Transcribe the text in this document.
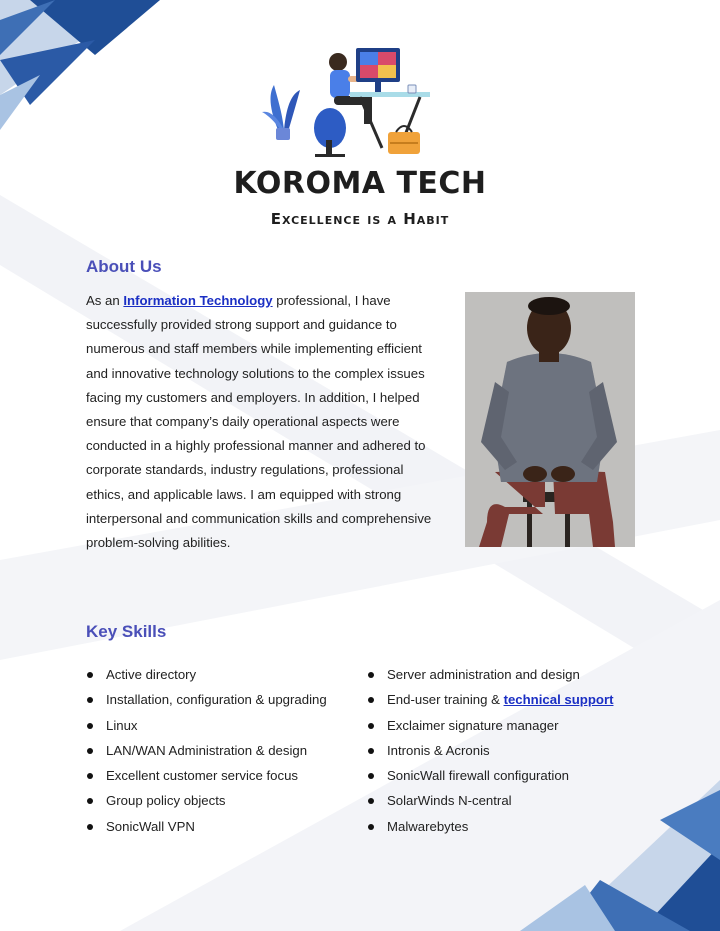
KOROMA TECH
Excellence is a Habit
About Us
As an Information Technology professional, I have successfully provided strong support and guidance to numerous and staff members while implementing efficient and innovative technology solutions to the complex issues facing my customers and employers. In addition, I helped ensure that company’s daily operational aspects were conducted in a highly professional manner and adhered to corporate standards, industry regulations, professional ethics, and applicable laws. I am equipped with strong interpersonal and communication skills and comprehensive problem-solving abilities.
Key Skills
Active directory
Installation, configuration & upgrading
Linux
LAN/WAN Administration & design
Excellent customer service focus
Group policy objects
SonicWall VPN
Server administration and design
End-user training & technical support
Exclaimer signature manager
Intronis & Acronis
SonicWall firewall configuration
SolarWinds N-central
Malwarebytes
